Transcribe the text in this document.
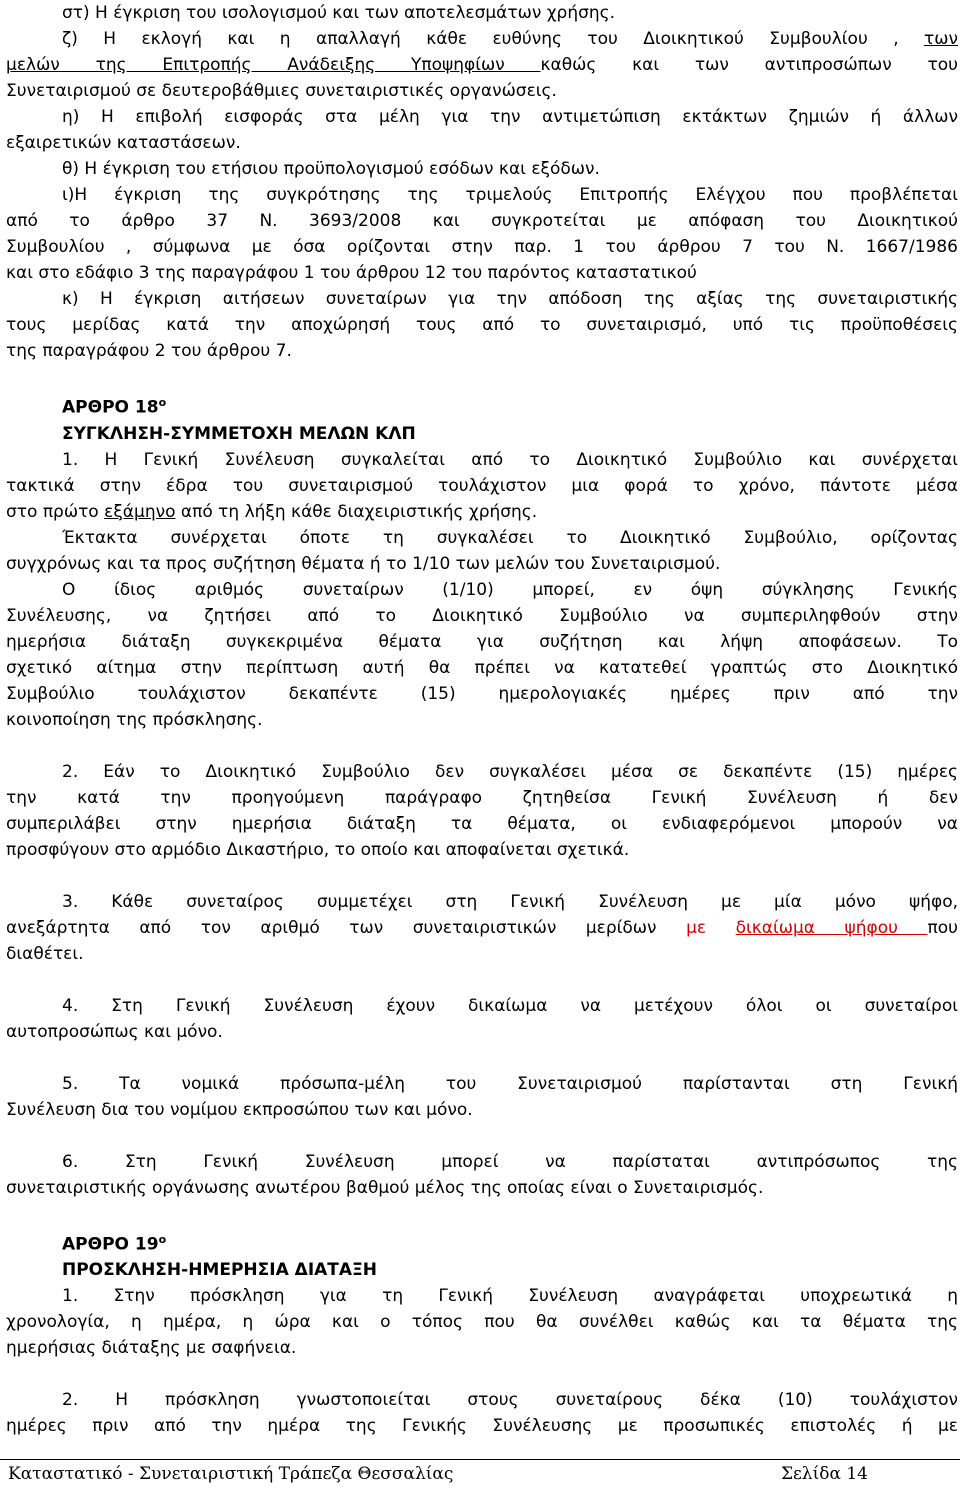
στ) Η έγκριση του ισολογισμού και των αποτελεσμάτων χρήσης.
ζ) Η εκλογή και η απαλλαγή κάθε ευθύνης του Διοικητικού Συμβουλίου , των
μελών της Επιτροπής Ανάδειξης Υποψηφίων καθώς και των αντιπροσώπων του
Συνεταιρισμού σε δευτεροβάθμιες συνεταιριστικές οργανώσεις.
η) Η επιβολή εισφοράς στα μέλη για την αντιμετώπιση εκτάκτων ζημιών ή άλλων
εξαιρετικών καταστάσεων.
θ) Η έγκριση του ετήσιου προϋπολογισμού εσόδων και εξόδων.
ι)Η έγκριση της συγκρότησης της τριμελούς Επιτροπής Ελέγχου που προβλέπεται
από το άρθρο 37 Ν. 3693/2008 και συγκροτείται με απόφαση του Διοικητικού
Συμβουλίου , σύμφωνα με όσα ορίζονται στην παρ. 1 του άρθρου 7 του Ν. 1667/1986
και στο εδάφιο 3 της παραγράφου 1 του άρθρου 12 του παρόντος καταστατικού
κ) Η έγκριση αιτήσεων συνεταίρων για την απόδοση της αξίας της συνεταιριστικής
τους μερίδας κατά την αποχώρησή τους από το συνεταιρισμό, υπό τις προϋποθέσεις
της παραγράφου 2 του άρθρου 7.
ΑΡΘΡΟ $18^o$
ΣΥΓΚΛΗΣΗ-ΣΥΜΜΕΤΟΧΗ ΜΕΛΩΝ ΚΛΠ
1. Η Γενική Συνέλευση συγκαλείται από το Διοικητικό Συμβούλιο και συνέρχεται
τακτικά στην έδρα του συνεταιρισμού τουλάχιστον μια φορά το χρόνο, πάντοτε μέσα
στο πρώτο εξάμηνο από τη λήξη κάθε διαχειριστικής χρήσης.
Έκτακτα συνέρχεται όποτε τη συγκαλέσει το Διοικητικό Συμβούλιο, ορίζοντας
συγχρόνως και τα προς συζήτηση θέματα ή το 1/10 των μελών του Συνεταιρισμού.
Ο ίδιος αριθμός συνεταίρων (1/10) μπορεί, εν όψη σύγκλησης Γενικής
Συνέλευσης, να ζητήσει από το Διοικητικό Συμβούλιο να συμπεριληφθούν στην
ημερήσια διάταξη συγκεκριμένα θέματα για συζήτηση και λήψη αποφάσεων. Το
σχετικό αίτημα στην περίπτωση αυτή θα πρέπει να κατατεθεί γραπτώς στο Διοικητικό
Συμβούλιο τουλάχιστον δεκαπέντε (15) ημερολογιακές ημέρες πριν από την
κοινοποίηση της πρόσκλησης.
2. Εάν το Διοικητικό Συμβούλιο δεν συγκαλέσει μέσα σε δεκαπέντε (15) ημέρες
την κατά την προηγούμενη παράγραφο ζητηθείσα Γενική Συνέλευση ή δεν
συμπεριλάβει στην ημερήσια διάταξη τα θέματα, οι ενδιαφερόμενοι μπορούν να
προσφύγουν στο αρμόδιο Δικαστήριο, το οποίο και αποφαίνεται σχετικά.
3. Κάθε συνεταίρος συμμετέχει στη Γενική Συνέλευση με μία μόνο ψήφο,
ανεξάρτητα από τον αριθμό των συνεταιριστικών μερίδων με δικαίωμα ψήφου που
διαθέτει.
4. Στη Γενική Συνέλευση έχουν δικαίωμα να μετέχουν όλοι οι συνεταίροι
αυτοπροσώπως και μόνο.
5. Τα νομικά πρόσωπα-μέλη του Συνεταιρισμού παρίστανται στη Γενική
Συνέλευση δια του νομίμου εκπροσώπου των και μόνο.
6. Στη Γενική Συνέλευση μπορεί να παρίσταται αντιπρόσωπος της
συνεταιριστικής οργάνωσης ανωτέρου βαθμού μέλος της οποίας είναι ο Συνεταιρισμός.
ΑΡΘΡΟ $19^o$
ΠΡΟΣΚΛΗΣΗ-ΗΜΕΡΗΣΙΑ ΔΙΑΤΑΞΗ
1. Στην πρόσκληση για τη Γενική Συνέλευση αναγράφεται υποχρεωτικά η
χρονολογία, η ημέρα, η ώρα και ο τόπος που θα συνέλθει καθώς και τα θέματα της
ημερήσιας διάταξης με σαφήνεια.
2. Η πρόσκληση γνωστοποιείται στους συνεταίρους δέκα (10) τουλάχιστον
ημέρες πριν από την ημέρα της Γενικής Συνέλευσης με προσωπικές επιστολές ή με
Καταστατικό - Συνεταιριστική Τράπεζα Θεσσαλίας	Σελίδα 14
